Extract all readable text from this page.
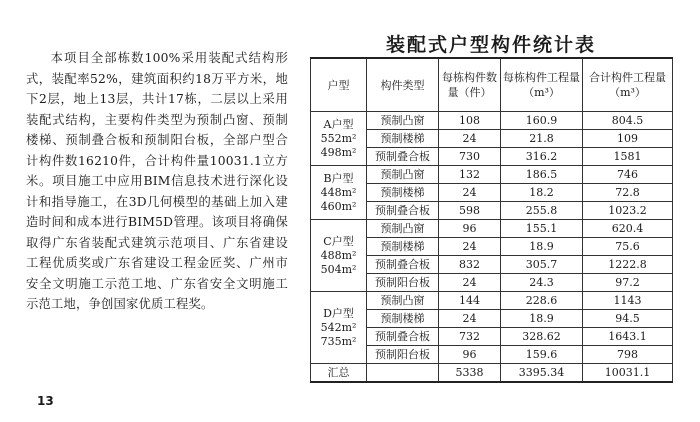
本项目全部栋数100%采用装配式结构形式，装配率52%，建筑面积约18万平方米，地下2层，地上13层，共计17栋，二层以上采用装配式结构，主要构件类型为预制凸窗、预制楼梯、预制叠合板和预制阳台板，全部户型合计构件数16210件，合计构件量10031.1立方米。项目施工中应用BIM信息技术进行深化设计和指导施工，在3D几何模型的基础上加入建造时间和成本进行BIM5D管理。该项目将确保取得广东省装配式建筑示范项目、广东省建设工程优质奖或广东省建设工程金匠奖、广州市安全文明施工示范工地、广东省安全文明施工示范工地，争创国家优质工程奖。
13
装配式户型构件统计表
户型	构件类型	每栋构件数量（件）	每栋构件工程量（m³）	合计构件工程量（m³）

A户型
552m²
498m²	预制凸窗	108	160.9	804.5
	预制楼梯	24	21.8	109
	预制叠合板	730	316.2	1581

B户型
448m²
460m²	预制凸窗	132	186.5	746
	预制楼梯	24	18.2	72.8
	预制叠合板	598	255.8	1023.2

C户型
488m²
504m²	预制凸窗	96	155.1	620.4
	预制楼梯	24	18.9	75.6
	预制叠合板	832	305.7	1222.8
	预制阳台板	24	24.3	97.2

D户型
542m²
735m²	预制凸窗	144	228.6	1143
	预制楼梯	24	18.9	94.5
	预制叠合板	732	328.62	1643.1
	预制阳台板	96	159.6	798
汇总		5338	3395.34	10031.1
